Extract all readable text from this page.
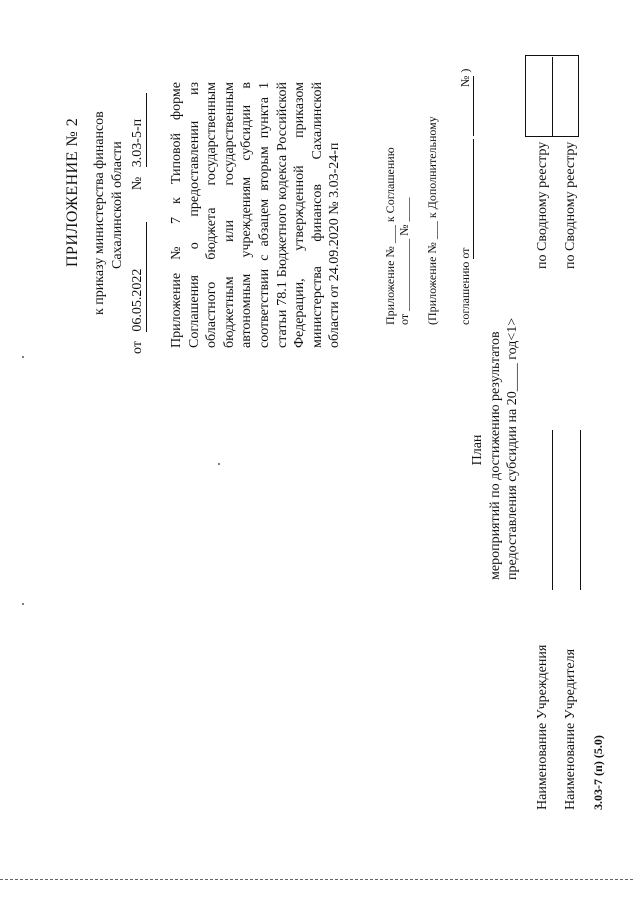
ПРИЛОЖЕНИЕ № 2 к приказу министерства финансов Сахалинской области
от 06.05.2022 № 3.03-5-п Приложение № 7 к Типовой форме Соглашения о предоставлении из областного бюджета государственным бюджетным или государственным автономным учреждениям субсидии в соответствии с абзацем вторым пункта 1 статьи 78.1 Бюджетного кодекса Российской Федерации, утвержденной приказом министерства финансов Сахалинской области от 24.09.2020 № 3.03-24-п	Приложение № ___ к Соглашению от ____________ № ____ (Приложение № ___ к Дополнительному соглашению от № )
План мероприятий по достижению результатов предоставления субсидии на 20____ год<1>
Наименование Учреждения
по Сводному реестру
Наименование Учредителя
по Сводному реестру
3.03-7 (п) (5.0)
